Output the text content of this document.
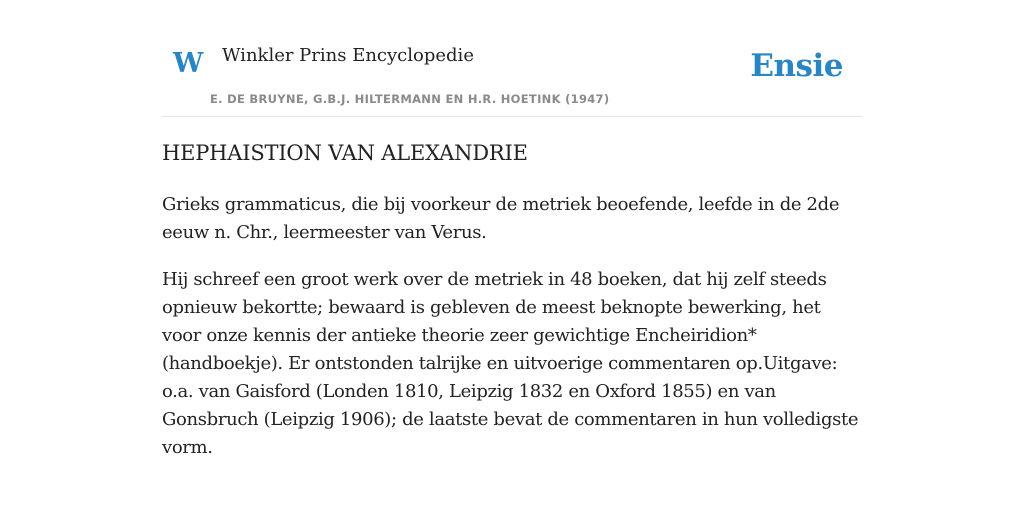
W Winkler Prins Encyclopedie
E. DE BRUYNE, G.B.J. HILTERMANN EN H.R. HOETINK (1947)
Ensie
HEPHAISTION VAN ALEXANDRIE

Grieks grammaticus, die bij voorkeur de metriek beoefende, leefde in de 2de eeuw n. Chr., leermeester van Verus.

Hij schreef een groot werk over de metriek in 48 boeken, dat hij zelf steeds opnieuw bekortte; bewaard is gebleven de meest beknopte bewerking, het voor onze kennis der antieke theorie zeer gewichtige Encheiridion* (handboekje). Er ontstonden talrijke en uitvoerige commentaren op.Uitgave: o.a. van Gaisford (Londen 1810, Leipzig 1832 en Oxford 1855) en van Gonsbruch (Leipzig 1906); de laatste bevat de commentaren in hun volledigste vorm.
